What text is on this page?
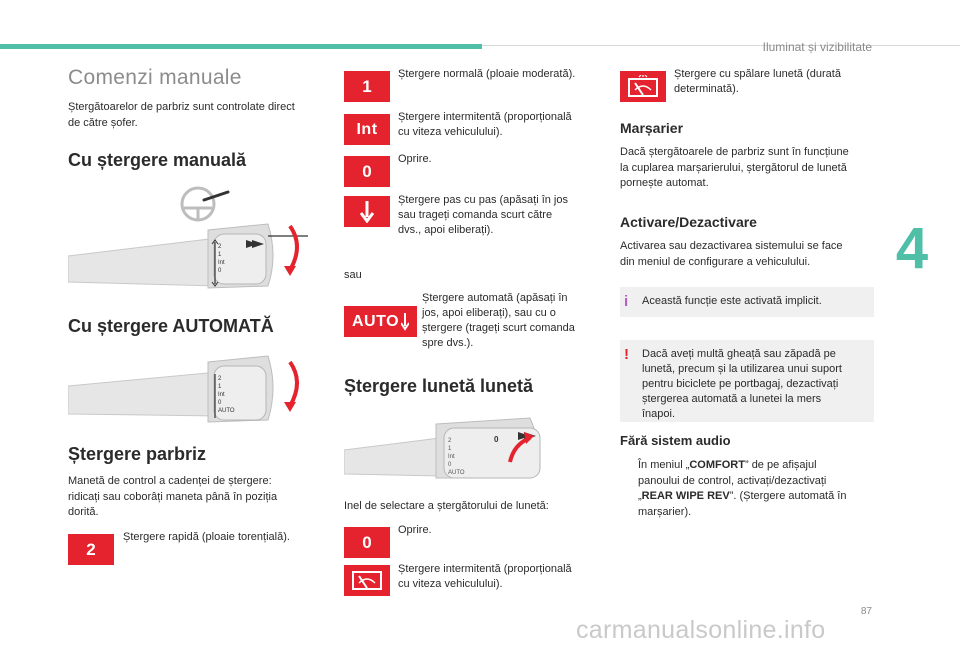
Iluminat și vizibilitate
4
87
carmanualsonline.info
Comenzi manuale
Ștergătoarelor de parbriz sunt controlate direct
de către șofer.
Cu ștergere manuală
2
1
Int
0
Cu ștergere AUTOMATĂ
2
1
Int
0
AUTO
Ștergere parbriz
Manetă de control a cadenței de ștergere:
ridicați sau coborâți maneta până în poziția
dorită.
2
Ștergere rapidă (ploaie torențială).
1
Ștergere normală (ploaie moderată).
Int
Ștergere intermitentă (proporțională
cu viteza vehiculului).
0
Oprire.
Ștergere pas cu pas (apăsați în jos
sau trageți comanda scurt către
dvs., apoi eliberați).
sau
AUTO
Ștergere automată (apăsați în
jos, apoi eliberați), sau cu o
ștergere (trageți scurt comanda
spre dvs.).
Ștergere lunetă lunetă
2
1
Int
0
AUTO
0
Inel de selectare a ștergătorului de lunetă:
0
Oprire.
Ștergere intermitentă (proporțională
cu viteza vehiculului).
Ștergere cu spălare lunetă (durată
determinată).
Marșarier
Dacă ștergătoarele de parbriz sunt în funcțiune
la cuplarea marșarierului, ștergătorul de lunetă
pornește automat.
Activare/Dezactivare
Activarea sau dezactivarea sistemului se face
din meniul de configurare a vehiculului.
i Această funcție este activată implicit.
! Dacă aveți multă gheață sau zăpadă pe
lunetă, precum și la utilizarea unui suport
pentru biciclete pe portbagaj, dezactivați
ștergerea automată a lunetei la mers
înapoi.
Fără sistem audio
În meniul „COMFORT” de pe afișajul
panoului de control, activați/dezactivați
„REAR WIPE REV”. (Ștergere automată în
marșarier).
